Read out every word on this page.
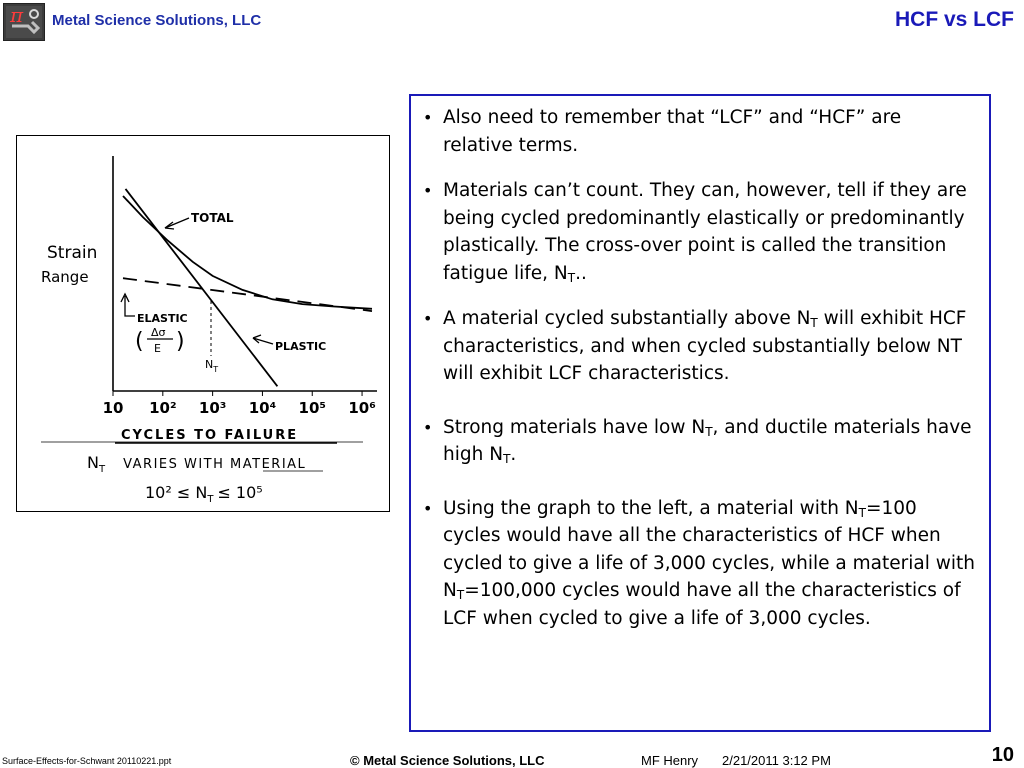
π Metal Science Solutions, LLC	HCF vs LCF
Strain
Range
10 10² 10³ 10⁴ 10⁵ 10⁶
CYCLES TO FAILURE
TOTAL
PLASTIC
ELASTIC
( Δσ
E )
$N_T$
$N_T$ VARIES WITH MATERIAL
$10^2 \le N_T \le 10^5$

• Also need to remember that “LCF” and “HCF” are relative terms.

• Materials can’t count. They can, however, tell if they are being cycled predominantly elastically or predominantly plastically. The cross-over point is called the transition fatigue life, $N_T$..

• A material cycled substantially above $N_T$ will exhibit HCF characteristics, and when cycled substantially below NT will exhibit LCF characteristics.

• Strong materials have low $N_T$, and ductile materials have high $N_T$.

• Using the graph to the left, a material with $N_T=100$ cycles would have all the characteristics of HCF when cycled to give a life of 3,000 cycles, while a material with $N_T=100,000$ cycles would have all the characteristics of LCF when cycled to give a life of 3,000 cycles.

Surface-Effects-for-Schwant 20110221.ppt	© Metal Science Solutions, LLC	MF Henry 2/21/2011 3:12 PM	10
